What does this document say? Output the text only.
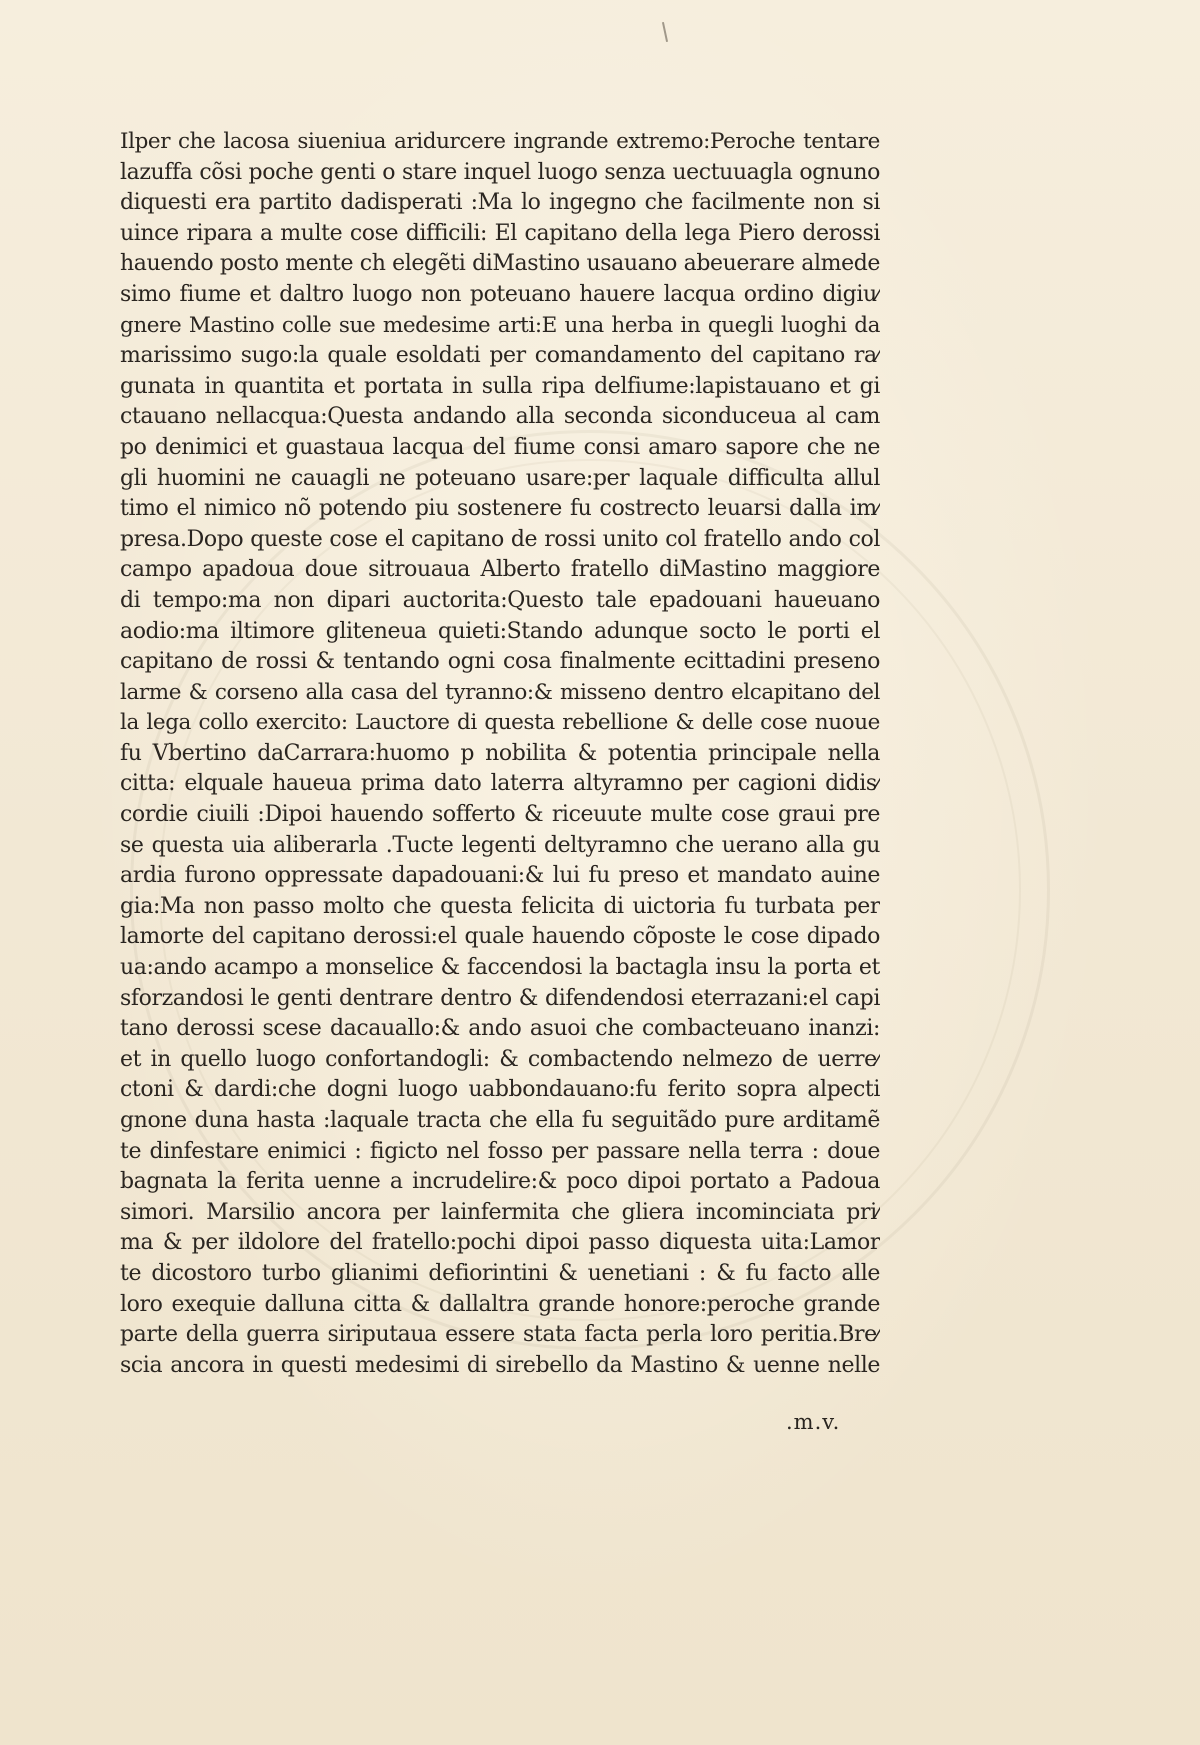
Ilper che lacosa siueniua aridurcere ingrande extremo:Peroche tentare
lazuffa cõsi poche genti o stare inquel luogo senza uectuuagla ognuno
diquesti era partito dadisperati :Ma lo ingegno che facilmente non si
uince ripara a multe cose difficili: El capitano della lega Piero derossi
hauendo posto mente ch elegẽti diMastino usauano abeuerare almede
simo fiume et daltro luogo non poteuano hauere lacqua ordino digiu⁄
gnere Mastino colle sue medesime arti:E una herba in quegli luoghi da
marissimo sugo:la quale esoldati per comandamento del capitano ra⁄
gunata in quantita et portata in sulla ripa delfiume:lapistauano et gi
ctauano nellacqua:Questa andando alla seconda siconduceua al cam
po denimici et guastaua lacqua del fiume consi amaro sapore che ne
gli huomini ne cauagli ne poteuano usare:per laquale difficulta allul
timo el nimico nõ potendo piu sostenere fu costrecto leuarsi dalla im⁄
presa.Dopo queste cose el capitano de rossi unito col fratello ando col
campo apadoua doue sitrouaua Alberto fratello diMastino maggiore
di tempo:ma non dipari auctorita:Questo tale epadouani haueuano
aodio:ma iltimore gliteneua quieti:Stando adunque socto le porti el
capitano de rossi & tentando ogni cosa finalmente ecittadini preseno
larme & corseno alla casa del tyranno:& misseno dentro elcapitano del
la lega collo exercito: Lauctore di questa rebellione & delle cose nuoue
fu Vbertino daCarrara:huomo p nobilita & potentia principale nella
citta: elquale haueua prima dato laterra altyramno per cagioni didis⁄
cordie ciuili :Dipoi hauendo sofferto & riceuute multe cose graui pre
se questa uia aliberarla .Tucte legenti deltyramno che uerano alla gu
ardia furono oppressate dapadouani:& lui fu preso et mandato auine
gia:Ma non passo molto che questa felicita di uictoria fu turbata per
lamorte del capitano derossi:el quale hauendo cõposte le cose dipado
ua:ando acampo a monselice & faccendosi la bactagla insu la porta et
sforzandosi le genti dentrare dentro & difendendosi eterrazani:el capi
tano derossi scese dacauallo:& ando asuoi che combacteuano inanzi:
et in quello luogo confortandogli: & combactendo nelmezo de uerre⁄
ctoni & dardi:che dogni luogo uabbondauano:fu ferito sopra alpecti
gnone duna hasta :laquale tracta che ella fu seguitãdo pure arditamẽ
te dinfestare enimici : figicto nel fosso per passare nella terra : doue
bagnata la ferita uenne a incrudelire:& poco dipoi portato a Padoua
simori. Marsilio ancora per lainfermita che gliera incominciata pri⁄
ma & per ildolore del fratello:pochi dipoi passo diquesta uita:Lamor
te dicostoro turbo glianimi defiorintini & uenetiani : & fu facto alle
loro exequie dalluna citta & dallaltra grande honore:peroche grande
parte della guerra siriputaua essere stata facta perla loro peritia.Bre⁄
scia ancora in questi medesimi di sirebello da Mastino & uenne nelle
.m.v.
